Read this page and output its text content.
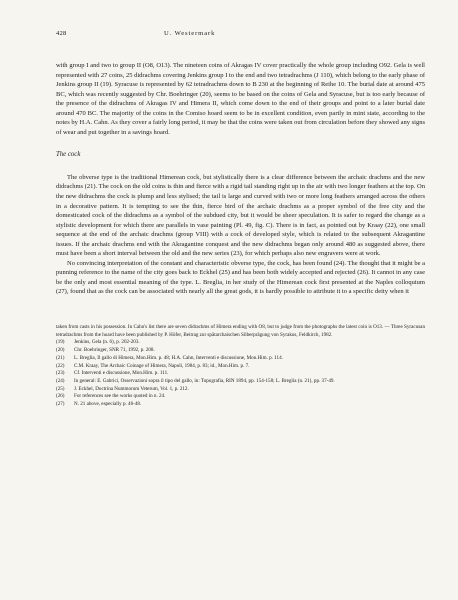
428	U. Westermark

with group I and two to group II (O8, O13). The nineteen coins of Akragas IV cover practically the whole group including O92. Gela is well represented with 27 coins, 25 didrachms covering Jenkins group I to the end and two tetradrachms (J 110), which belong to the early phase of Jenkins group II (19). Syracuse is represented by 62 tetradrachms down to B 230 at the beginning of Reihe 10. The burial date at around 475 BC, which was recently suggested by Chr. Boehringer (20), seems to be based on the coins of Gela and Syracuse, but is too early because of the presence of the didrachms of Akragas IV and Himera II, which come down to the end of their groups and point to a later burial date around 470 BC. The majority of the coins in the Comiso hoard seem to be in excellent condition, even partly in mint state, according to the notes by H.A. Cahn. As they cover a fairly long period, it may be that the coins were taken out from circulation before they showed any signs of wear and put together in a savings hoard.

The cock

The obverse type is the traditional Himerean cock, but stylistically there is a clear difference between the archaic drachms and the new didrachms (21). The cock on the old coins is thin and fierce with a rigid tail standing right up in the air with two longer feathers at the top. On the new didrachms the cock is plump and less stylised; the tail is large and curved with two or more long feathers arranged across the others in a decorative pattern. It is tempting to see the thin, fierce bird of the archaic drachms as a proper symbol of the free city and the domesticated cock of the didrachms as a symbol of the subdued city, but it would be sheer speculation. It is safer to regard the change as a stylistic development for which there are parallels in vase painting (Pl. 49, fig. C). There is in fact, as pointed out by Kraay (22), one small sequence at the end of the archaic drachms (group VIII) with a cock of developed style, which is related to the subsequent Akragantine issues. If the archaic drachms end with the Akragantine conquest and the new didrachms began only around 480 as suggested above, there must have been a short interval between the old and the new series (23), for which perhaps also new engravers were at work.

No convincing interpretation of the constant and characteristic obverse type, the cock, has been found (24). The thought that it might be a punning reference to the name of the city goes back to Eckhel (25) and has been both widely accepted and rejected (26). It cannot in any case be the only and most essential meaning of the type. L. Breglia, in her study of the Himerean cock first presented at the Naples colloquium (27), found that as the cock can be associated with nearly all the great gods, it is hardly possible to attribute it to a specific deity when it

taken from casts in his possession. In Cahn's list there are seven didrachms of Himera ending with O8, but to judge from the photographs the latest coin is O13. — Three Syracusan tetradrachms from the hoard have been published by P. Höfer, Beitrag zur spätarchaischen Silberprägung von Syrakus, Feldkirch, 1982.

(19)	Jenkins, Gela (n. 6), p. 202-203.
(20)	Chr. Boehringer, SNR 71, 1992, p. 208.
(21)	L. Breglia, Il gallo di Himera, Mon.Him. p. 48; H.A. Cahn, Interventi e discussione, Mon.Him. p. 114.
(22)	C.M. Kraay, The Archaic Coinage of Himera, Napoli, 1984, p. 83; id., Mon.Him. p. 7.
(23)	Cf. Interventi e discussione, Mon.Him. p. 111.
(24)	In general: E. Gabrici, Osservazioni sopra il tipo del gallo, in: Topografia, RIN 1894, pp. 154-158; L. Breglia (n. 21), pp. 37-49.
(25)	J. Eckhel, Doctrina Nummorum Veterum, Vol. 1, p. 212.
(26)	For references see the works quoted in n. 24.
(27)	N. 21 above, especially p. 46-48.
